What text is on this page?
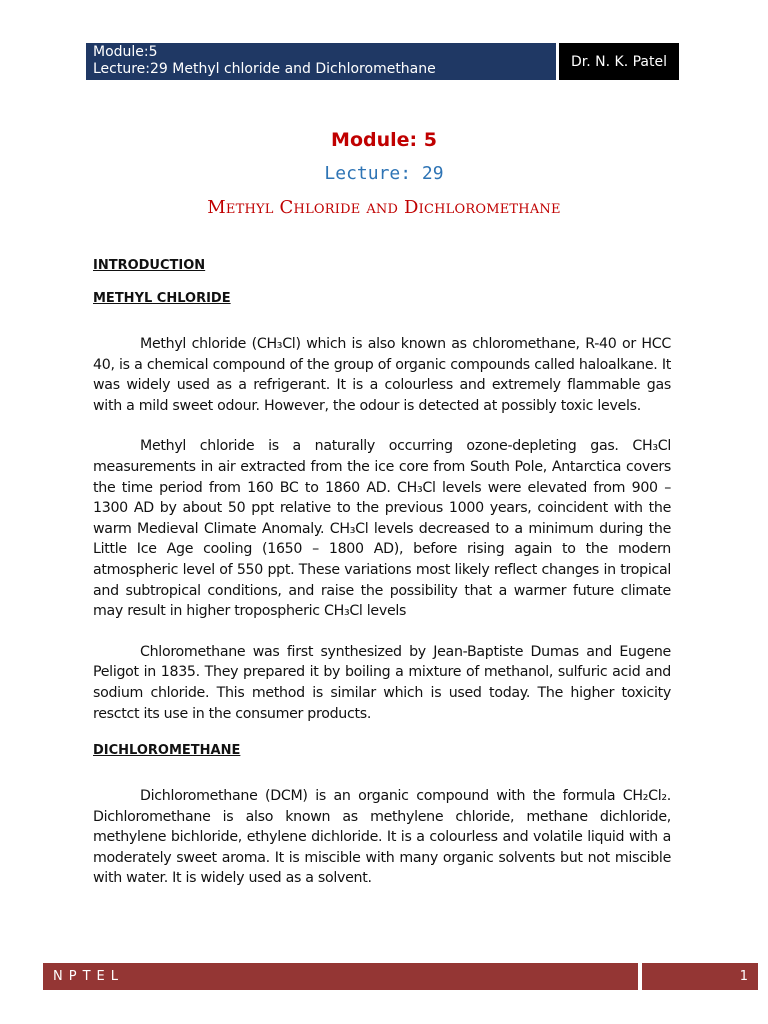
Module:5
Lecture:29 Methyl chloride and Dichloromethane	Dr. N. K. Patel
Module: 5
Lecture: 29
Methyl Chloride and Dichloromethane
INTRODUCTION
METHYL CHLORIDE

Methyl chloride (CH₃Cl) which is also known as chloromethane, R-40 or HCC 40, is a chemical compound of the group of organic compounds called haloalkane. It was widely used as a refrigerant. It is a colourless and extremely flammable gas with a mild sweet odour. However, the odour is detected at possibly toxic levels.

Methyl chloride is a naturally occurring ozone-depleting gas. CH₃Cl measurements in air extracted from the ice core from South Pole, Antarctica covers the time period from 160 BC to 1860 AD. CH₃Cl levels were elevated from 900 – 1300 AD by about 50 ppt relative to the previous 1000 years, coincident with the warm Medieval Climate Anomaly. CH₃Cl levels decreased to a minimum during the Little Ice Age cooling (1650 – 1800 AD), before rising again to the modern atmospheric level of 550 ppt. These variations most likely reflect changes in tropical and subtropical conditions, and raise the possibility that a warmer future climate may result in higher tropospheric CH₃Cl levels

Chloromethane was first synthesized by Jean-Baptiste Dumas and Eugene Peligot in 1835. They prepared it by boiling a mixture of methanol, sulfuric acid and sodium chloride. This method is similar which is used today. The higher toxicity resctct its use in the consumer products.

DICHLOROMETHANE

Dichloromethane (DCM) is an organic compound with the formula CH₂Cl₂. Dichloromethane is also known as methylene chloride, methane dichloride, methylene bichloride, ethylene dichloride. It is a colourless and volatile liquid with a moderately sweet aroma. It is miscible with many organic solvents but not miscible with water. It is widely used as a solvent.

NPTEL	1
